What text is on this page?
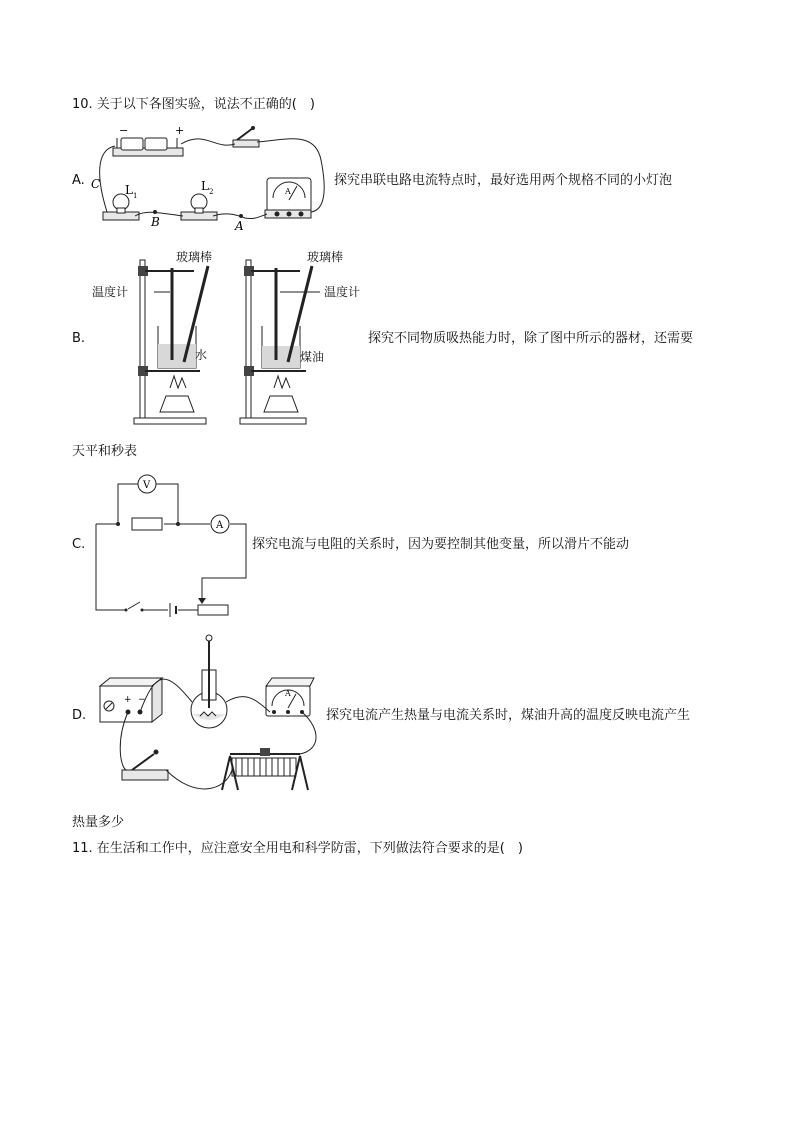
10. 关于以下各图实验，说法不正确的(　)
A.
−	+
A
L 1
L 2
C
B	A
探究串联电路电流特点时，最好选用两个规格不同的小灯泡
B.
玻璃棒	玻璃棒
温度计	温度计
水	煤油
探究不同物质吸热能力时，除了图中所示的器材，还需要
天平和秒表
C.
V
A
探究电流与电阻的关系时，因为要控制其他变量，所以滑片不能动
D.
+ −
A
探究电流产生热量与电流关系时，煤油升高的温度反映电流产生
热量多少
11. 在生活和工作中，应注意安全用电和科学防雷，下列做法符合要求的是(　)
